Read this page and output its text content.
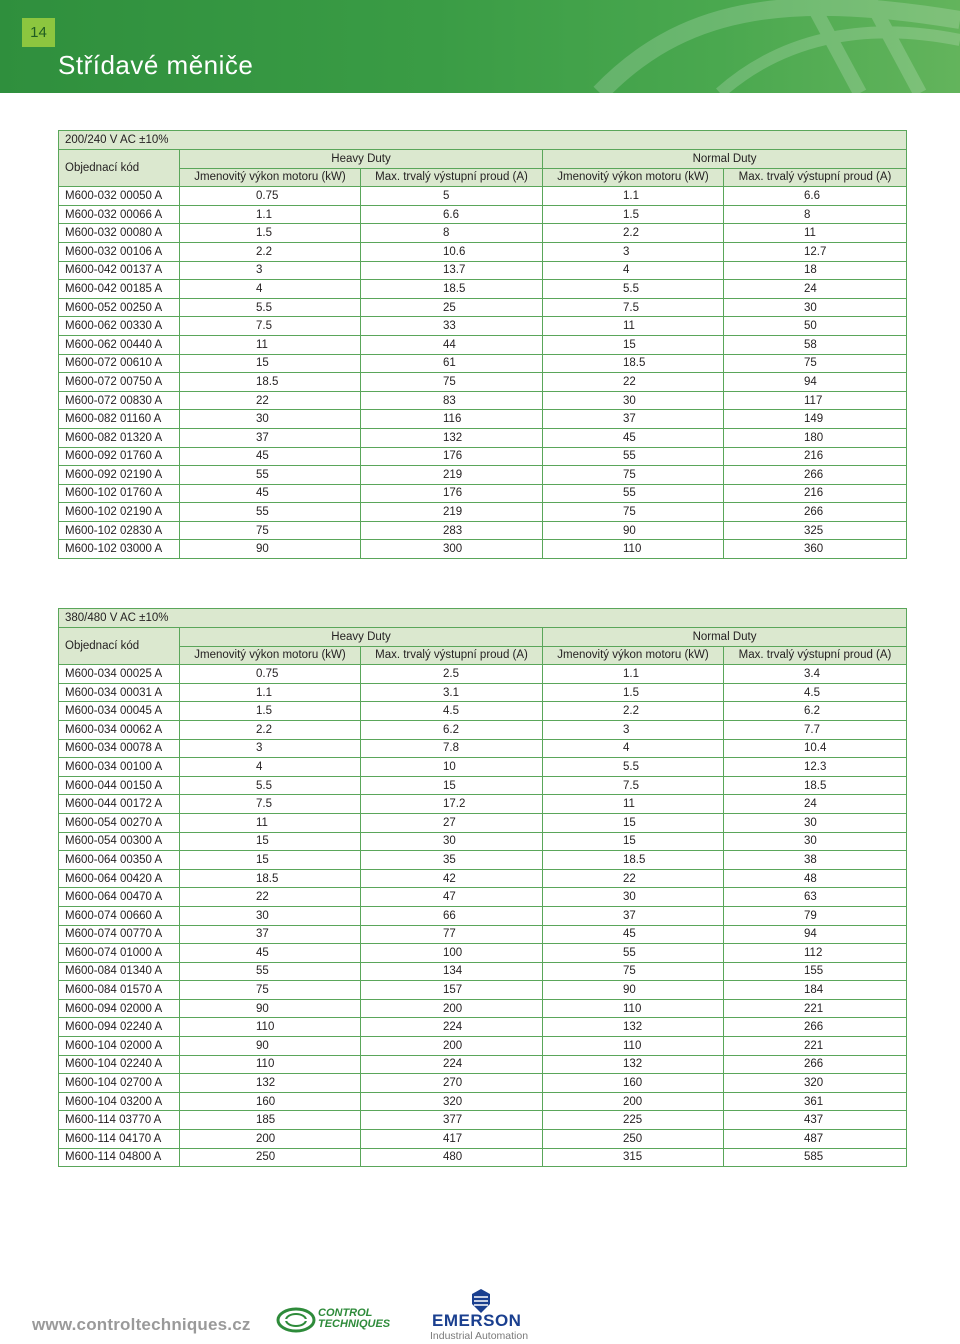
14
Střídavé měniče
200/240 V AC ±10%				
Objednací kód	Heavy Duty		Normal Duty	
	Jmenovitý výkon motoru (kW)	Max. trvalý výstupní proud (A)	Jmenovitý výkon motoru (kW)	Max. trvalý výstupní proud (A)
M600-032 00050 A	0.75	5	1.1	6.6
M600-032 00066 A	1.1	6.6	1.5	8
M600-032 00080 A	1.5	8	2.2	11
M600-032 00106 A	2.2	10.6	3	12.7
M600-042 00137 A	3	13.7	4	18
M600-042 00185 A	4	18.5	5.5	24
M600-052 00250 A	5.5	25	7.5	30
M600-062 00330 A	7.5	33	11	50
M600-062 00440 A	11	44	15	58
M600-072 00610 A	15	61	18.5	75
M600-072 00750 A	18.5	75	22	94
M600-072 00830 A	22	83	30	117
M600-082 01160 A	30	116	37	149
M600-082 01320 A	37	132	45	180
M600-092 01760 A	45	176	55	216
M600-092 02190 A	55	219	75	266
M600-102 01760 A	45	176	55	216
M600-102 02190 A	55	219	75	266
M600-102 02830 A	75	283	90	325
M600-102 03000 A	90	300	110	360
380/480 V AC ±10%				
Objednací kód	Heavy Duty		Normal Duty	
	Jmenovitý výkon motoru (kW)	Max. trvalý výstupní proud (A)	Jmenovitý výkon motoru (kW)	Max. trvalý výstupní proud (A)
M600-034 00025 A	0.75	2.5	1.1	3.4
M600-034 00031 A	1.1	3.1	1.5	4.5
M600-034 00045 A	1.5	4.5	2.2	6.2
M600-034 00062 A	2.2	6.2	3	7.7
M600-034 00078 A	3	7.8	4	10.4
M600-034 00100 A	4	10	5.5	12.3
M600-044 00150 A	5.5	15	7.5	18.5
M600-044 00172 A	7.5	17.2	11	24
M600-054 00270 A	11	27	15	30
M600-054 00300 A	15	30	15	30
M600-064 00350 A	15	35	18.5	38
M600-064 00420 A	18.5	42	22	48
M600-064 00470 A	22	47	30	63
M600-074 00660 A	30	66	37	79
M600-074 00770 A	37	77	45	94
M600-074 01000 A	45	100	55	112
M600-084 01340 A	55	134	75	155
M600-084 01570 A	75	157	90	184
M600-094 02000 A	90	200	110	221
M600-094 02240 A	110	224	132	266
M600-104 02000 A	90	200	110	221
M600-104 02240 A	110	224	132	266
M600-104 02700 A	132	270	160	320
M600-104 03200 A	160	320	200	361
M600-114 03770 A	185	377	225	437
M600-114 04170 A	200	417	250	487
M600-114 04800 A	250	480	315	585
www.controltechniques.cz
CONTROL
TECHNIQUES EMERSON
Industrial Automation
